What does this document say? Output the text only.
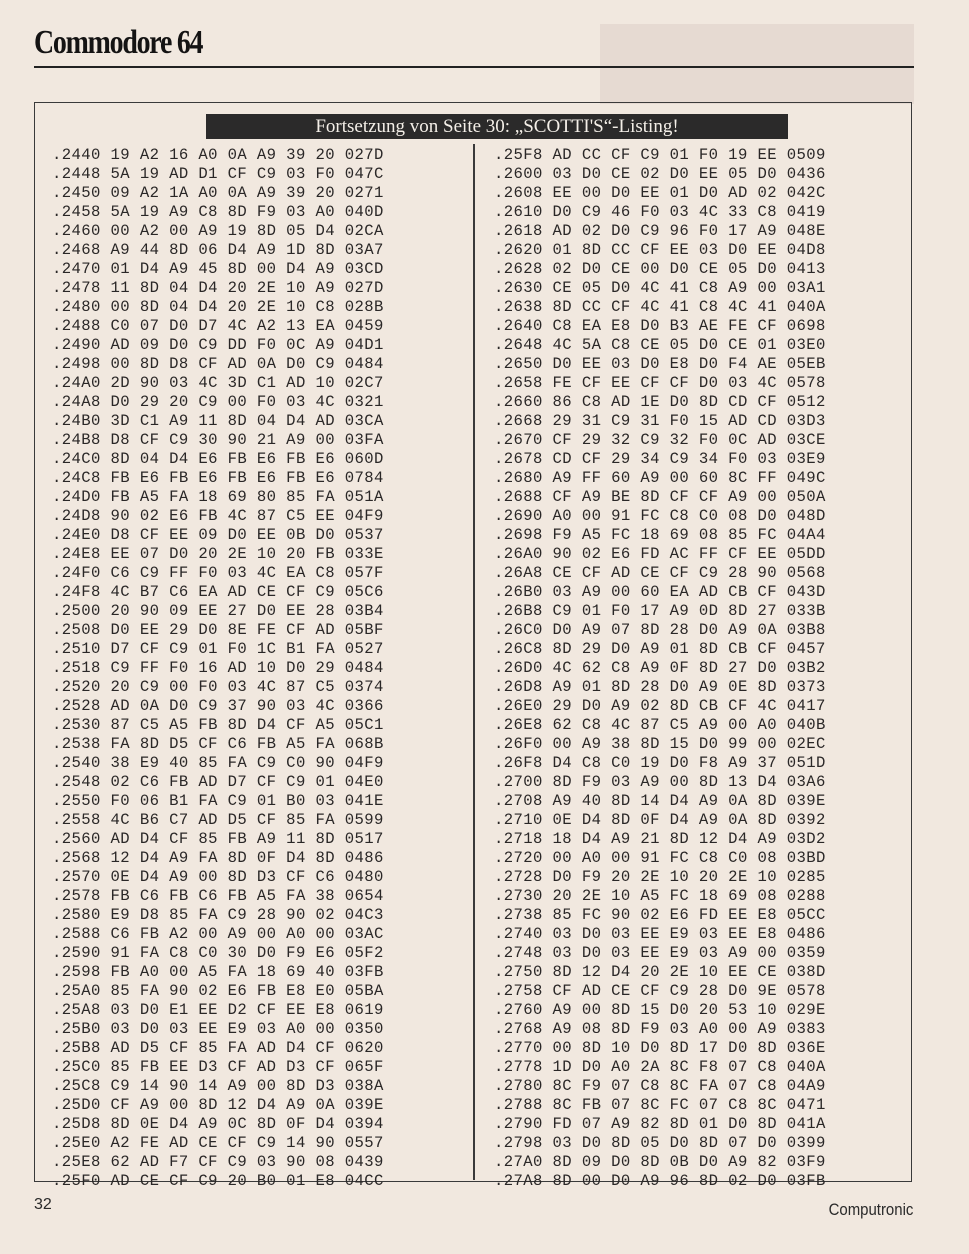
Commodore 64
Fortsetzung von Seite 30: „SCOTTI'S“-Listing!
.2440 19 A2 16 A0 0A A9 39 20 027D
.2448 5A 19 AD D1 CF C9 03 F0 047C
.2450 09 A2 1A A0 0A A9 39 20 0271
.2458 5A 19 A9 C8 8D F9 03 A0 040D
.2460 00 A2 00 A9 19 8D 05 D4 02CA
.2468 A9 44 8D 06 D4 A9 1D 8D 03A7
.2470 01 D4 A9 45 8D 00 D4 A9 03CD
.2478 11 8D 04 D4 20 2E 10 A9 027D
.2480 00 8D 04 D4 20 2E 10 C8 028B
.2488 C0 07 D0 D7 4C A2 13 EA 0459
.2490 AD 09 D0 C9 DD F0 0C A9 04D1
.2498 00 8D D8 CF AD 0A D0 C9 0484
.24A0 2D 90 03 4C 3D C1 AD 10 02C7
.24A8 D0 29 20 C9 00 F0 03 4C 0321
.24B0 3D C1 A9 11 8D 04 D4 AD 03CA
.24B8 D8 CF C9 30 90 21 A9 00 03FA
.24C0 8D 04 D4 E6 FB E6 FB E6 060D
.24C8 FB E6 FB E6 FB E6 FB E6 0784
.24D0 FB A5 FA 18 69 80 85 FA 051A
.24D8 90 02 E6 FB 4C 87 C5 EE 04F9
.24E0 D8 CF EE 09 D0 EE 0B D0 0537
.24E8 EE 07 D0 20 2E 10 20 FB 033E
.24F0 C6 C9 FF F0 03 4C EA C8 057F
.24F8 4C B7 C6 EA AD CE CF C9 05C6
.2500 20 90 09 EE 27 D0 EE 28 03B4
.2508 D0 EE 29 D0 8E FE CF AD 05BF
.2510 D7 CF C9 01 F0 1C B1 FA 0527
.2518 C9 FF F0 16 AD 10 D0 29 0484
.2520 20 C9 00 F0 03 4C 87 C5 0374
.2528 AD 0A D0 C9 37 90 03 4C 0366
.2530 87 C5 A5 FB 8D D4 CF A5 05C1
.2538 FA 8D D5 CF C6 FB A5 FA 068B
.2540 38 E9 40 85 FA C9 C0 90 04F9
.2548 02 C6 FB AD D7 CF C9 01 04E0
.2550 F0 06 B1 FA C9 01 B0 03 041E
.2558 4C B6 C7 AD D5 CF 85 FA 0599
.2560 AD D4 CF 85 FB A9 11 8D 0517
.2568 12 D4 A9 FA 8D 0F D4 8D 0486
.2570 0E D4 A9 00 8D D3 CF C6 0480
.2578 FB C6 FB C6 FB A5 FA 38 0654
.2580 E9 D8 85 FA C9 28 90 02 04C3
.2588 C6 FB A2 00 A9 00 A0 00 03AC
.2590 91 FA C8 C0 30 D0 F9 E6 05F2
.2598 FB A0 00 A5 FA 18 69 40 03FB
.25A0 85 FA 90 02 E6 FB E8 E0 05BA
.25A8 03 D0 E1 EE D2 CF EE E8 0619
.25B0 03 D0 03 EE E9 03 A0 00 0350
.25B8 AD D5 CF 85 FA AD D4 CF 0620
.25C0 85 FB EE D3 CF AD D3 CF 065F
.25C8 C9 14 90 14 A9 00 8D D3 038A
.25D0 CF A9 00 8D 12 D4 A9 0A 039E
.25D8 8D 0E D4 A9 0C 8D 0F D4 0394
.25E0 A2 FE AD CE CF C9 14 90 0557
.25E8 62 AD F7 CF C9 03 90 08 0439
.25F0 AD CE CF C9 20 B0 01 E8 04CC
.25F8 AD CC CF C9 01 F0 19 EE 0509
.2600 03 D0 CE 02 D0 EE 05 D0 0436
.2608 EE 00 D0 EE 01 D0 AD 02 042C
.2610 D0 C9 46 F0 03 4C 33 C8 0419
.2618 AD 02 D0 C9 96 F0 17 A9 048E
.2620 01 8D CC CF EE 03 D0 EE 04D8
.2628 02 D0 CE 00 D0 CE 05 D0 0413
.2630 CE 05 D0 4C 41 C8 A9 00 03A1
.2638 8D CC CF 4C 41 C8 4C 41 040A
.2640 C8 EA E8 D0 B3 AE FE CF 0698
.2648 4C 5A C8 CE 05 D0 CE 01 03E0
.2650 D0 EE 03 D0 E8 D0 F4 AE 05EB
.2658 FE CF EE CF CF D0 03 4C 0578
.2660 86 C8 AD 1E D0 8D CD CF 0512
.2668 29 31 C9 31 F0 15 AD CD 03D3
.2670 CF 29 32 C9 32 F0 0C AD 03CE
.2678 CD CF 29 34 C9 34 F0 03 03E9
.2680 A9 FF 60 A9 00 60 8C FF 049C
.2688 CF A9 BE 8D CF CF A9 00 050A
.2690 A0 00 91 FC C8 C0 08 D0 048D
.2698 F9 A5 FC 18 69 08 85 FC 04A4
.26A0 90 02 E6 FD AC FF CF EE 05DD
.26A8 CE CF AD CE CF C9 28 90 0568
.26B0 03 A9 00 60 EA AD CB CF 043D
.26B8 C9 01 F0 17 A9 0D 8D 27 033B
.26C0 D0 A9 07 8D 28 D0 A9 0A 03B8
.26C8 8D 29 D0 A9 01 8D CB CF 0457
.26D0 4C 62 C8 A9 0F 8D 27 D0 03B2
.26D8 A9 01 8D 28 D0 A9 0E 8D 0373
.26E0 29 D0 A9 02 8D CB CF 4C 0417
.26E8 62 C8 4C 87 C5 A9 00 A0 040B
.26F0 00 A9 38 8D 15 D0 99 00 02EC
.26F8 D4 C8 C0 19 D0 F8 A9 37 051D
.2700 8D F9 03 A9 00 8D 13 D4 03A6
.2708 A9 40 8D 14 D4 A9 0A 8D 039E
.2710 0E D4 8D 0F D4 A9 0A 8D 0392
.2718 18 D4 A9 21 8D 12 D4 A9 03D2
.2720 00 A0 00 91 FC C8 C0 08 03BD
.2728 D0 F9 20 2E 10 20 2E 10 0285
.2730 20 2E 10 A5 FC 18 69 08 0288
.2738 85 FC 90 02 E6 FD EE E8 05CC
.2740 03 D0 03 EE E9 03 EE E8 0486
.2748 03 D0 03 EE E9 03 A9 00 0359
.2750 8D 12 D4 20 2E 10 EE CE 038D
.2758 CF AD CE CF C9 28 D0 9E 0578
.2760 A9 00 8D 15 D0 20 53 10 029E
.2768 A9 08 8D F9 03 A0 00 A9 0383
.2770 00 8D 10 D0 8D 17 D0 8D 036E
.2778 1D D0 A0 2A 8C F8 07 C8 040A
.2780 8C F9 07 C8 8C FA 07 C8 04A9
.2788 8C FB 07 8C FC 07 C8 8C 0471
.2790 FD 07 A9 82 8D 01 D0 8D 041A
.2798 03 D0 8D 05 D0 8D 07 D0 0399
.27A0 8D 09 D0 8D 0B D0 A9 82 03F9
.27A8 8D 00 D0 A9 96 8D 02 D0 03FB
32	Computronic
